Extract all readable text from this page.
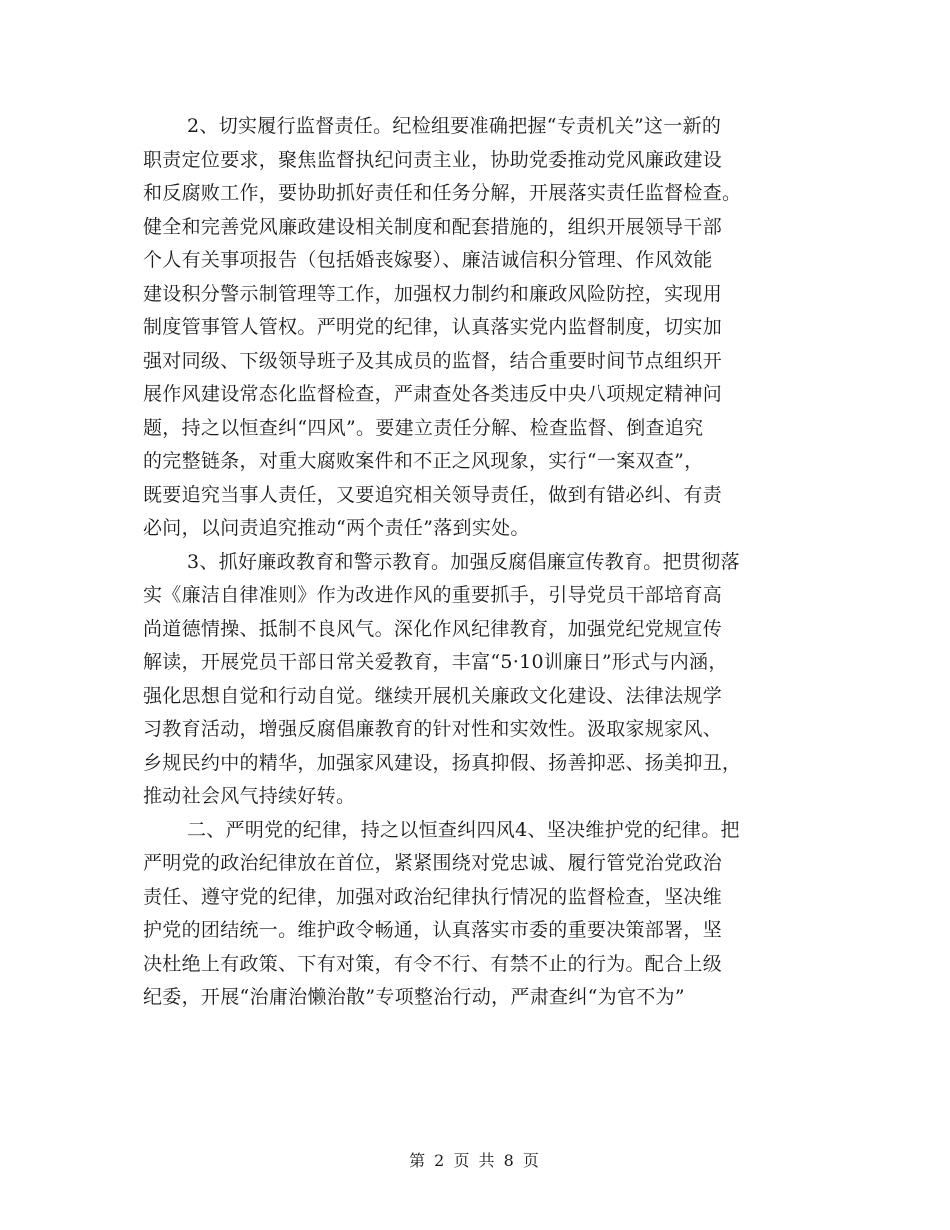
2、切实履行监督责任。纪检组要准确把握“专责机关”这一新的
职责定位要求，聚焦监督执纪问责主业，协助党委推动党风廉政建设
和反腐败工作，要协助抓好责任和任务分解，开展落实责任监督检查。
健全和完善党风廉政建设相关制度和配套措施的，组织开展领导干部
个人有关事项报告（包括婚丧嫁娶）、廉洁诚信积分管理、作风效能
建设积分警示制管理等工作，加强权力制约和廉政风险防控，实现用
制度管事管人管权。严明党的纪律，认真落实党内监督制度，切实加
强对同级、下级领导班子及其成员的监督，结合重要时间节点组织开
展作风建设常态化监督检查，严肃查处各类违反中央八项规定精神问
题，持之以恒查纠“四风”。要建立责任分解、检查监督、倒查追究
的完整链条，对重大腐败案件和不正之风现象，实行“一案双查”，
既要追究当事人责任，又要追究相关领导责任，做到有错必纠、有责
必问，以问责追究推动“两个责任”落到实处。
3、抓好廉政教育和警示教育。加强反腐倡廉宣传教育。把贯彻落
实《廉洁自律准则》作为改进作风的重要抓手，引导党员干部培育高
尚道德情操、抵制不良风气。深化作风纪律教育，加强党纪党规宣传
解读，开展党员干部日常关爱教育，丰富“5·10训廉日”形式与内涵，
强化思想自觉和行动自觉。继续开展机关廉政文化建设、法律法规学
习教育活动，增强反腐倡廉教育的针对性和实效性。汲取家规家风、
乡规民约中的精华，加强家风建设，扬真抑假、扬善抑恶、扬美抑丑，
推动社会风气持续好转。
二、严明党的纪律，持之以恒查纠四风4、坚决维护党的纪律。把
严明党的政治纪律放在首位，紧紧围绕对党忠诚、履行管党治党政治
责任、遵守党的纪律，加强对政治纪律执行情况的监督检查，坚决维
护党的团结统一。维护政令畅通，认真落实市委的重要决策部署，坚
决杜绝上有政策、下有对策，有令不行、有禁不止的行为。配合上级
纪委，开展“治庸治懒治散”专项整治行动，严肃查纠“为官不为”
第 2 页 共 8 页
